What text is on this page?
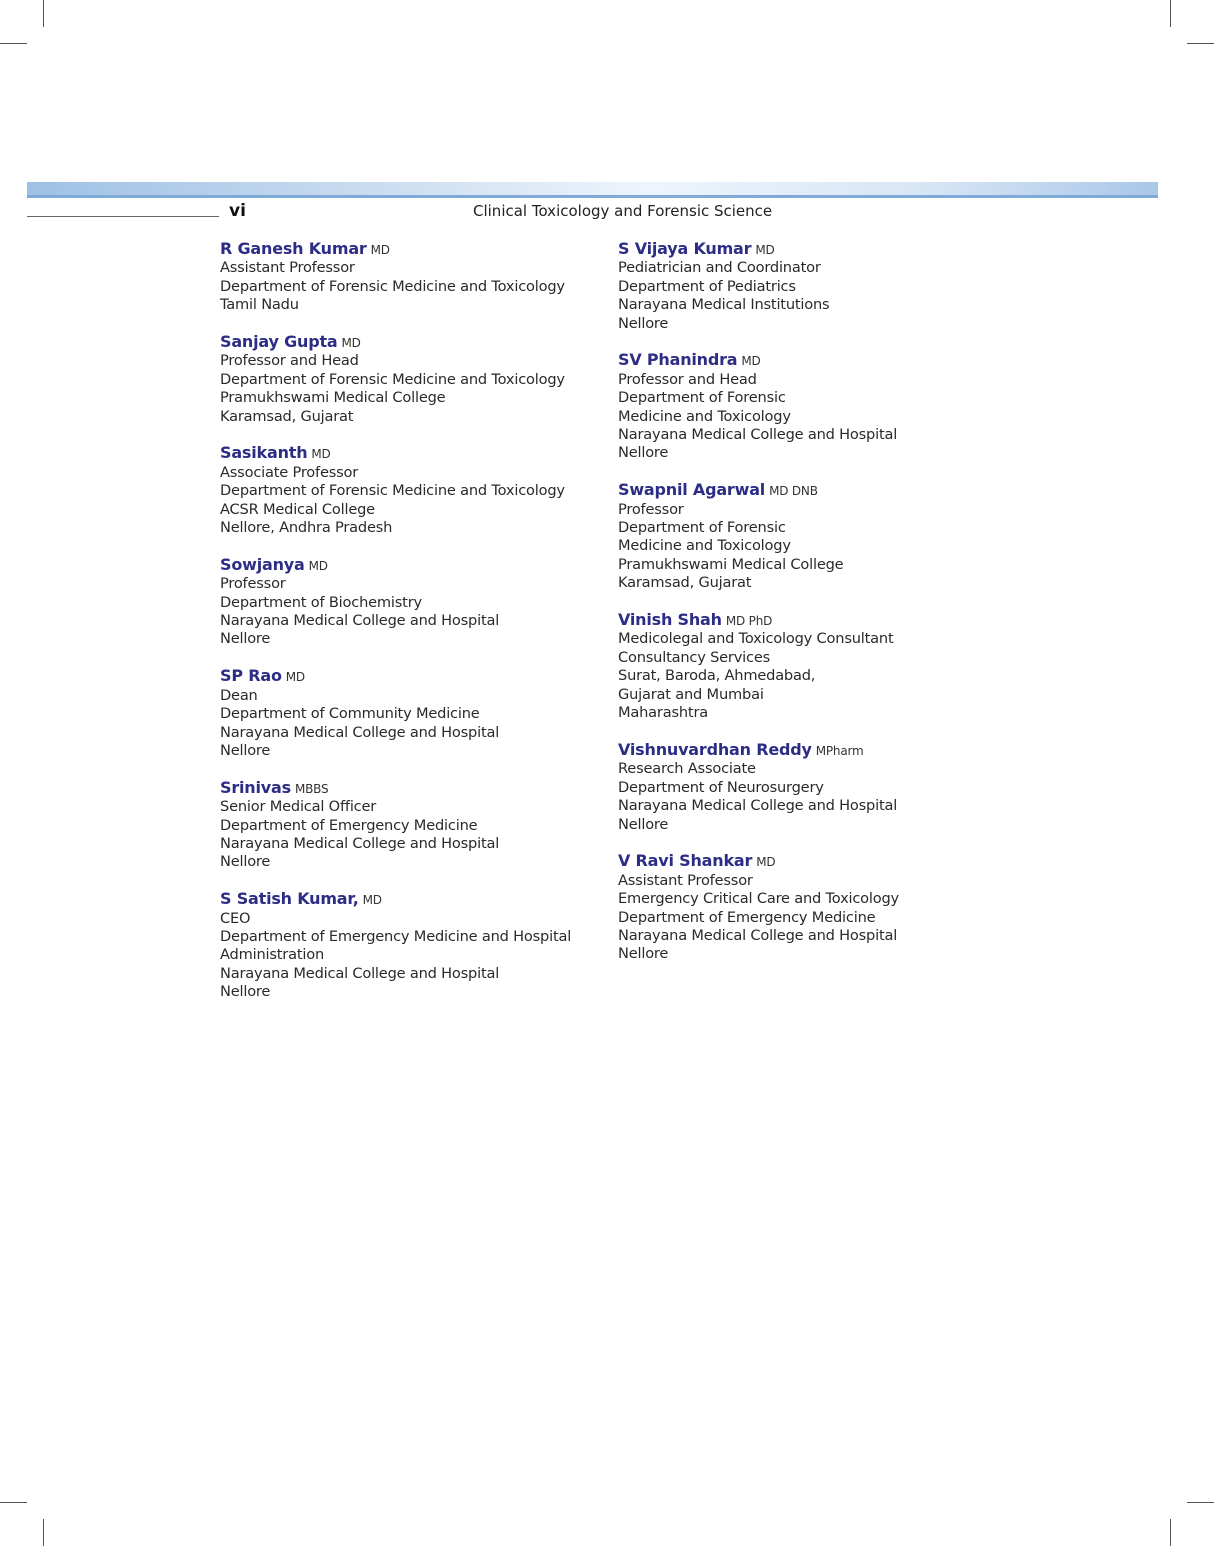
vi	Clinical Toxicology and Forensic Science
R Ganesh Kumar MD
Assistant Professor
Department of Forensic Medicine and Toxicology
Tamil Nadu
Sanjay Gupta MD
Professor and Head
Department of Forensic Medicine and Toxicology
Pramukhswami Medical College
Karamsad, Gujarat
Sasikanth MD
Associate Professor
Department of Forensic Medicine and Toxicology
ACSR Medical College
Nellore, Andhra Pradesh
Sowjanya MD
Professor
Department of Biochemistry
Narayana Medical College and Hospital
Nellore
SP Rao MD
Dean
Department of Community Medicine
Narayana Medical College and Hospital
Nellore
Srinivas MBBS
Senior Medical Officer
Department of Emergency Medicine
Narayana Medical College and Hospital
Nellore
S Satish Kumar, MD
CEO
Department of Emergency Medicine and Hospital
Administration
Narayana Medical College and Hospital
Nellore
S Vijaya Kumar MD
Pediatrician and Coordinator
Department of Pediatrics
Narayana Medical Institutions
Nellore
SV Phanindra MD
Professor and Head
Department of Forensic
Medicine and Toxicology
Narayana Medical College and Hospital
Nellore
Swapnil Agarwal MD DNB
Professor
Department of Forensic
Medicine and Toxicology
Pramukhswami Medical College
Karamsad, Gujarat
Vinish Shah MD PhD
Medicolegal and Toxicology Consultant
Consultancy Services
Surat, Baroda, Ahmedabad,
Gujarat and Mumbai
Maharashtra
Vishnuvardhan Reddy MPharm
Research Associate
Department of Neurosurgery
Narayana Medical College and Hospital
Nellore
V Ravi Shankar MD
Assistant Professor
Emergency Critical Care and Toxicology
Department of Emergency Medicine
Narayana Medical College and Hospital
Nellore
